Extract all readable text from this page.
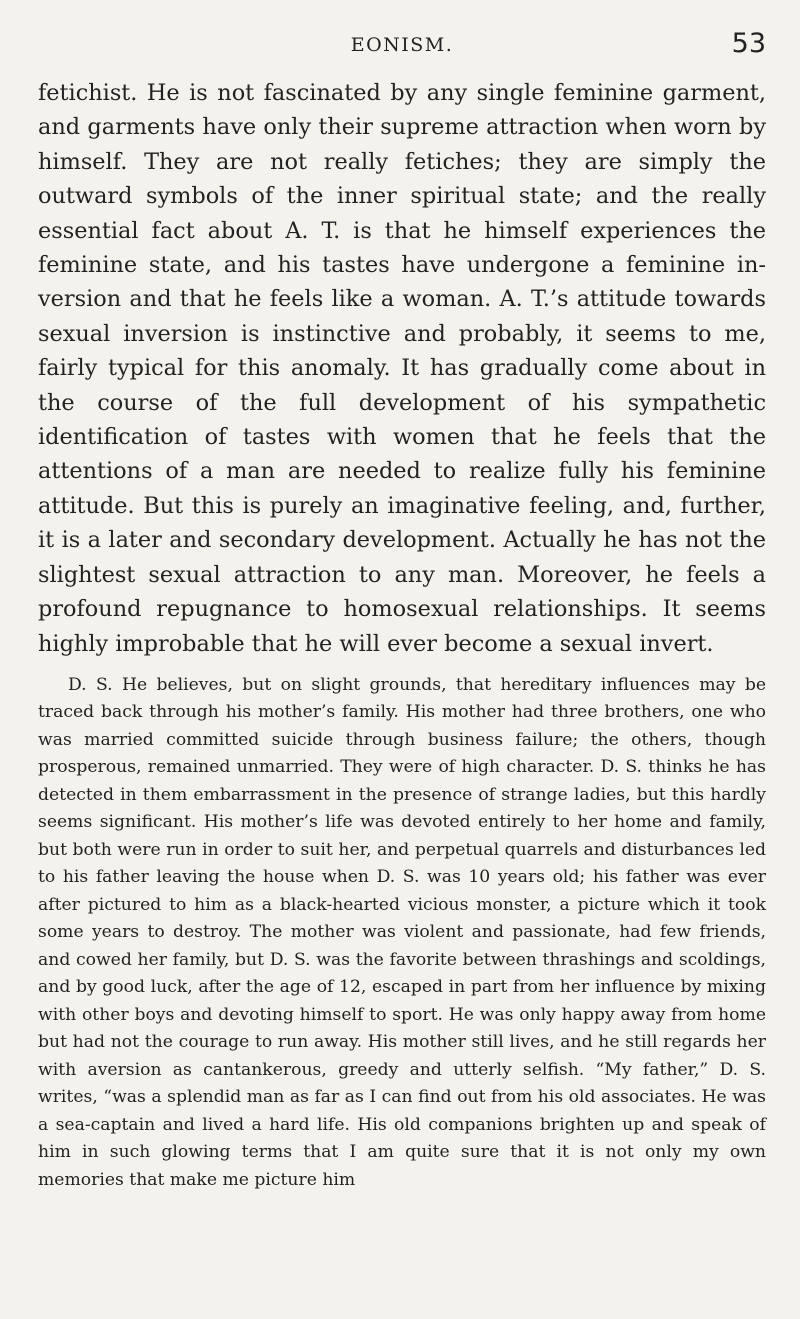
EONISM.	53

fetichist. He is not fascinated by any single feminine garment, and garments have only their supreme attraction when worn by himself. They are not really fetiches; they are simply the outward symbols of the inner spiritual state; and the really essential fact about A. T. is that he himself experiences the feminine state, and his tastes have undergone a feminine inversion and that he feels like a woman. A. T.’s attitude towards sexual inversion is instinctive and probably, it seems to me, fairly typical for this anomaly. It has gradually come about in the course of the full development of his sympathetic identification of tastes with women that he feels that the attentions of a man are needed to realize fully his feminine attitude. But this is purely an imaginative feeling, and, further, it is a later and secondary development. Actually he has not the slightest sexual attraction to any man. Moreover, he feels a profound repugnance to homosexual relationships. It seems highly improbable that he will ever become a sexual invert.

D. S. He believes, but on slight grounds, that hereditary influences may be traced back through his mother’s family. His mother had three brothers, one who was married committed suicide through business failure; the others, though prosperous, remained unmarried. They were of high character. D. S. thinks he has detected in them embarrassment in the presence of strange ladies, but this hardly seems significant. His mother’s life was devoted entirely to her home and family, but both were run in order to suit her, and perpetual quarrels and disturbances led to his father leaving the house when D. S. was 10 years old; his father was ever after pictured to him as a black-hearted vicious monster, a picture which it took some years to destroy. The mother was violent and passionate, had few friends, and cowed her family, but D. S. was the favorite between thrashings and scoldings, and by good luck, after the age of 12, escaped in part from her influence by mixing with other boys and devoting himself to sport. He was only happy away from home but had not the courage to run away. His mother still lives, and he still regards her with aversion as cantankerous, greedy and utterly selfish. “My father,” D. S. writes, “was a splendid man as far as I can find out from his old associates. He was a sea-captain and lived a hard life. His old companions brighten up and speak of him in such glowing terms that I am quite sure that it is not only my own memories that make me picture him
